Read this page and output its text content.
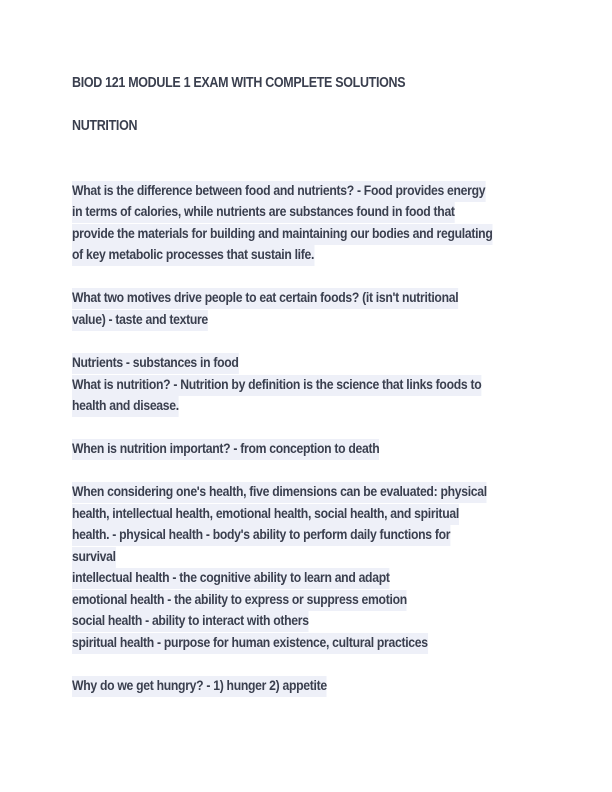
BIOD 121 MODULE 1 EXAM WITH COMPLETE SOLUTIONS
NUTRITION
What is the difference between food and nutrients? - Food provides energy
in terms of calories, while nutrients are substances found in food that
provide the materials for building and maintaining our bodies and regulating
of key metabolic processes that sustain life.
What two motives drive people to eat certain foods? (it isn't nutritional
value) - taste and texture
Nutrients - substances in food
What is nutrition? - Nutrition by definition is the science that links foods to
health and disease.
When is nutrition important? - from conception to death
When considering one's health, five dimensions can be evaluated: physical
health, intellectual health, emotional health, social health, and spiritual
health. - physical health - body's ability to perform daily functions for
survival
intellectual health - the cognitive ability to learn and adapt
emotional health - the ability to express or suppress emotion
social health - ability to interact with others
spiritual health - purpose for human existence, cultural practices
Why do we get hungry? - 1) hunger 2) appetite
